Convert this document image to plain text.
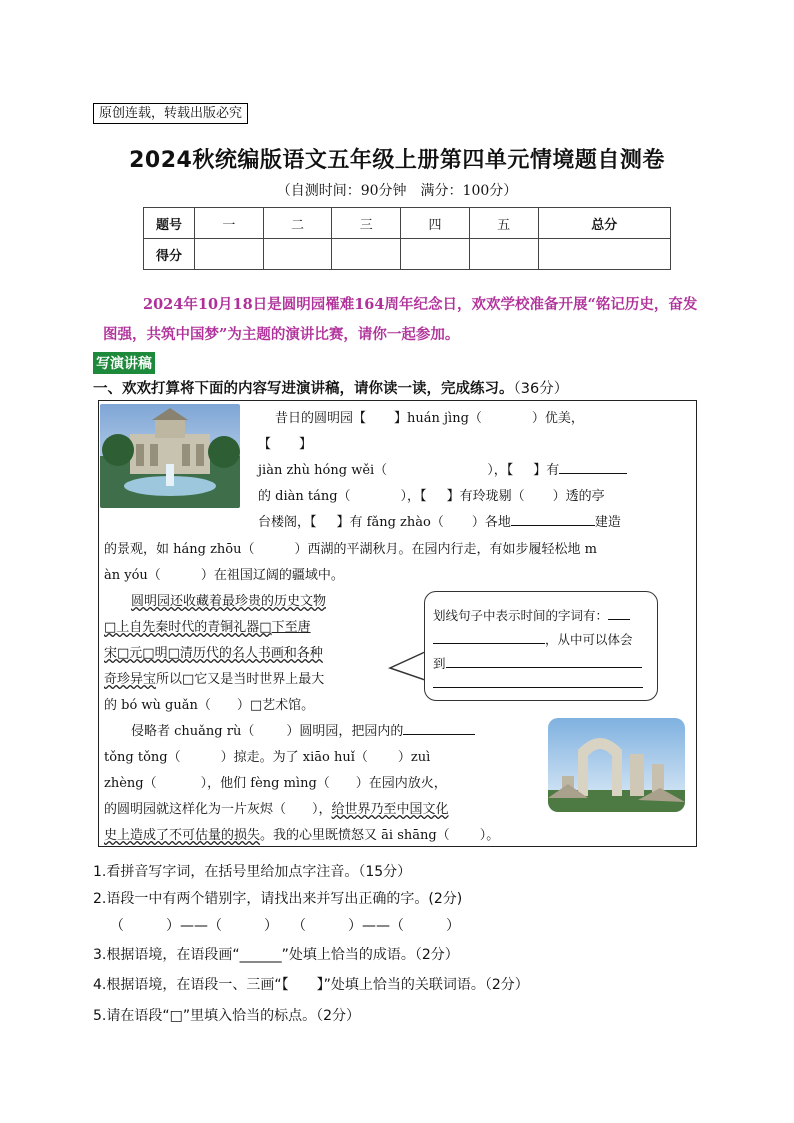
原创连载，转载出版必究
2024秋统编版语文五年级上册第四单元情境题自测卷
（自测时间：90分钟　满分：100分）
题号	一	二	三	四	五	总分
得分						
2024年10月18日是圆明园罹难164周年纪念日，欢欢学校准备开展“铭记历史，奋发图强，共筑中国梦”为主题的演讲比赛，请你一起参加。
写演讲稿
一、欢欢打算将下面的内容写进演讲稿，请你读一读，完成练习。（36分）
昔日的圆明园【 】huán jìng（	）优美，
【 】
jiàn zhù hóng wěi（	），【 】有
的 diàn táng（	），【 】有玲珑剔（ ）透的亭
台楼阁，【 】有 fǎng zhào（ ）各地	建造
的景观，如 háng zhōu（	）西湖的平湖秋月。在园内行走，有如步履轻松地 m
àn yóu（	）在祖国辽阔的疆域中。
圆明园还收藏着最珍贵的历史文物
□上自先秦时代的青铜礼器□下至唐
宋□元□明□清历代的名人书画和各种
奇珍异宝所以□它又是当时世界上最大
的 bó wù guǎn（　　）□艺术馆。
划线句子中表示时间的字词有：
，从中可以体会
到
侵略者 chuǎng rù（ ）圆明园，把园内的
tǒng tǒng（	）掠走。为了 xiāo huǐ（ ）zuì
zhèng（	），他们 fèng mìng（ ）在园内放火，
的圆明园就这样化为一片灰烬（ ），给世界乃至中国文化
史上造成了不可估量的损失。我的心里既愤怒又 āi shāng（ ）。
1.看拼音写字词，在括号里给加点字注音。（15分）
2.语段一中有两个错别字，请找出来并写出正确的字。(2分)
（　　　）——（　　　）　　（　　　）——（　　　）
3.根据语境，在语段画“______”处填上恰当的成语。（2分）
4.根据语境，在语段一、三画“【　　】”处填上恰当的关联词语。（2分）
5.请在语段“□”里填入恰当的标点。（2分）
